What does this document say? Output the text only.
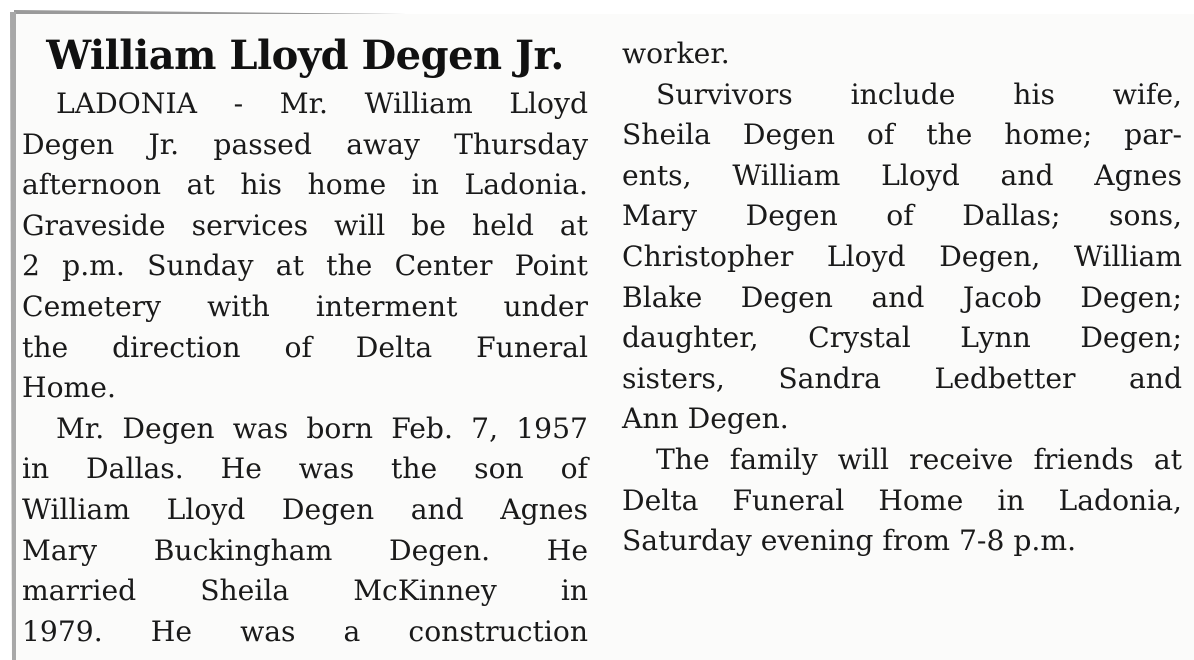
William Lloyd Degen Jr.
LADONIA - Mr. William Lloyd
Degen Jr. passed away Thursday
afternoon at his home in Ladonia.
Graveside services will be held at
2 p.m. Sunday at the Center Point
Cemetery with interment under
the direction of Delta Funeral
Home.
Mr. Degen was born Feb. 7, 1957
in Dallas. He was the son of
William Lloyd Degen and Agnes
Mary Buckingham Degen. He
married Sheila McKinney in
1979. He was a construction
worker.
Survivors include his wife,
Sheila Degen of the home; par-
ents, William Lloyd and Agnes
Mary Degen of Dallas; sons,
Christopher Lloyd Degen, William
Blake Degen and Jacob Degen;
daughter, Crystal Lynn Degen;
sisters, Sandra Ledbetter and
Ann Degen.
The family will receive friends at
Delta Funeral Home in Ladonia,
Saturday evening from 7-8 p.m.
